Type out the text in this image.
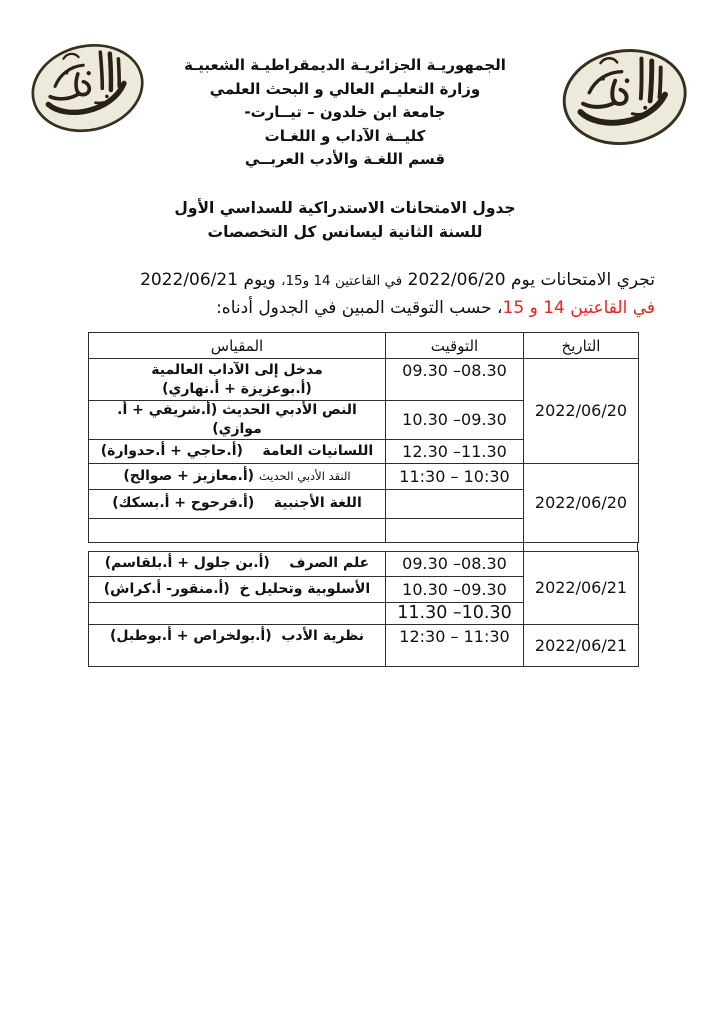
الجمهوريـة الجزائريـة الديمقراطيـة الشعبيـة
وزارة التعليـم العالي و البحث العلمي
جامعة ابن خلدون – تيــارت-
كليــة الآداب و اللغـات
قسم اللغـة والأدب العربــي
جدول الامتحانات الاستدراكية للسداسي الأول
للسنة الثانية ليسانس كل التخصصات
تجري الامتحانات يوم 2022/06/20 في القاعتين 14 و15، ويوم 2022/06/21
في القاعتين 14 و 15، حسب التوقيت المبين في الجدول أدناه:
التاريخ	التوقيت	المقياس
2022/06/20	09.30 –08.30	مدخل إلى الآداب العالمية
(أ.بوعزيزة + أ.نهاري)

	10.30 –09.30	النص الأدبي الحديث (أ.شريفي + أ. موازي)
	12.30 –11.30	اللسانيات العامة    (أ.حاجي + أ.حدوارة)
2022/06/20	11:30 – 10:30	النقد الأدبي الحديث (أ.معازيز + صوالح)
		اللغة الأجنبية    (أ.فرحوح + أ.بسكك)

2022/06/21	09.30 –08.30	علم الصرف    (أ.بن جلول + أ.بلقاسم)
	10.30 –09.30	الأسلوبية وتحليل خ  (أ.منقور- أ.كراش)
	11.30 –10.30	
2022/06/21	12:30 – 11:30	نظرية الأدب  (أ.بولخراص + أ.بوطبل)
